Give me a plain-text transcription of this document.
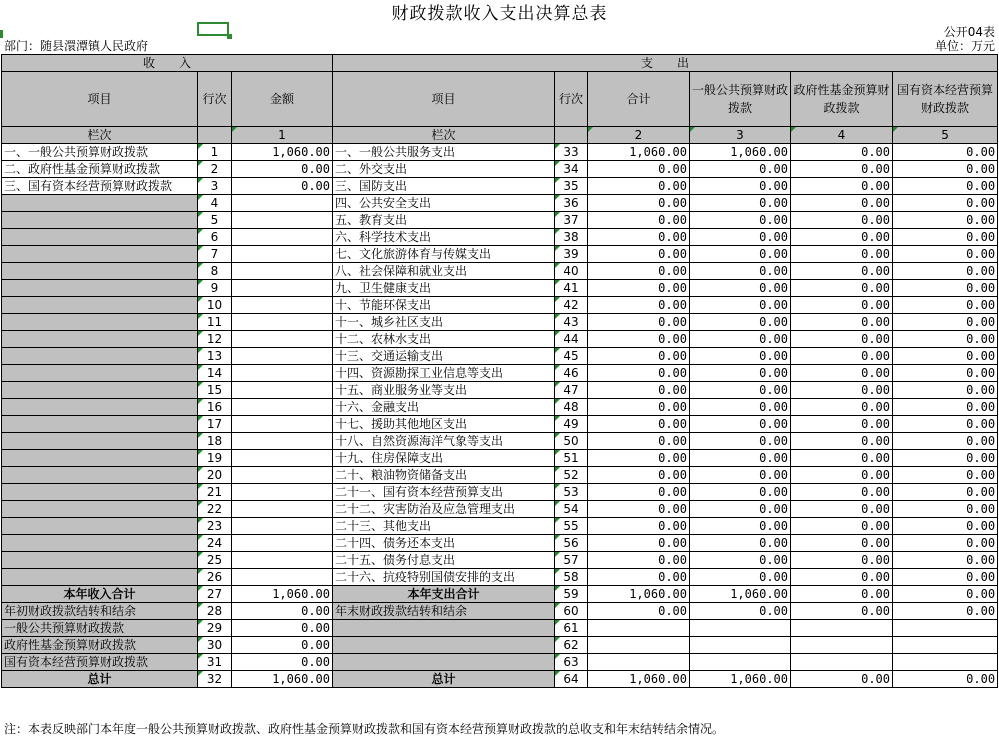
财政拨款收入支出决算总表
公开04表
部门：随县澴潭镇人民政府	单位：万元
收　　入			支　　出					
项目	行次	金额	项目	行次	合计	一般公共预算财政拨款	政府性基金预算财政拨款	国有资本经营预算财政拨款
栏次		1	栏次		2	3	4	5
一、一般公共预算财政拨款	1	1,060.00	一、一般公共服务支出	33	1,060.00	1,060.00	0.00	0.00
二、政府性基金预算财政拨款	2	0.00	二、外交支出	34	0.00	0.00	0.00	0.00
三、国有资本经营预算财政拨款	3	0.00	三、国防支出	35	0.00	0.00	0.00	0.00
	4		四、公共安全支出	36	0.00	0.00	0.00	0.00
	5		五、教育支出	37	0.00	0.00	0.00	0.00
	6		六、科学技术支出	38	0.00	0.00	0.00	0.00
	7		七、文化旅游体育与传媒支出	39	0.00	0.00	0.00	0.00
	8		八、社会保障和就业支出	40	0.00	0.00	0.00	0.00
	9		九、卫生健康支出	41	0.00	0.00	0.00	0.00
	10		十、节能环保支出	42	0.00	0.00	0.00	0.00
	11		十一、城乡社区支出	43	0.00	0.00	0.00	0.00
	12		十二、农林水支出	44	0.00	0.00	0.00	0.00
	13		十三、交通运输支出	45	0.00	0.00	0.00	0.00
	14		十四、资源勘探工业信息等支出	46	0.00	0.00	0.00	0.00
	15		十五、商业服务业等支出	47	0.00	0.00	0.00	0.00
	16		十六、金融支出	48	0.00	0.00	0.00	0.00
	17		十七、援助其他地区支出	49	0.00	0.00	0.00	0.00
	18		十八、自然资源海洋气象等支出	50	0.00	0.00	0.00	0.00
	19		十九、住房保障支出	51	0.00	0.00	0.00	0.00
	20		二十、粮油物资储备支出	52	0.00	0.00	0.00	0.00
	21		二十一、国有资本经营预算支出	53	0.00	0.00	0.00	0.00
	22		二十二、灾害防治及应急管理支出	54	0.00	0.00	0.00	0.00
	23		二十三、其他支出	55	0.00	0.00	0.00	0.00
	24		二十四、债务还本支出	56	0.00	0.00	0.00	0.00
	25		二十五、债务付息支出	57	0.00	0.00	0.00	0.00
	26		二十六、抗疫特别国债安排的支出	58	0.00	0.00	0.00	0.00
本年收入合计	27	1,060.00	本年支出合计	59	1,060.00	1,060.00	0.00	0.00
年初财政拨款结转和结余	28	0.00	年末财政拨款结转和结余	60	0.00	0.00	0.00	0.00
一般公共预算财政拨款	29	0.00		61				
政府性基金预算财政拨款	30	0.00		62				
国有资本经营预算财政拨款	31	0.00		63				
总计	32	1,060.00	总计	64	1,060.00	1,060.00	0.00	0.00
注：本表反映部门本年度一般公共预算财政拨款、政府性基金预算财政拨款和国有资本经营预算财政拨款的总收支和年末结转结余情况。
